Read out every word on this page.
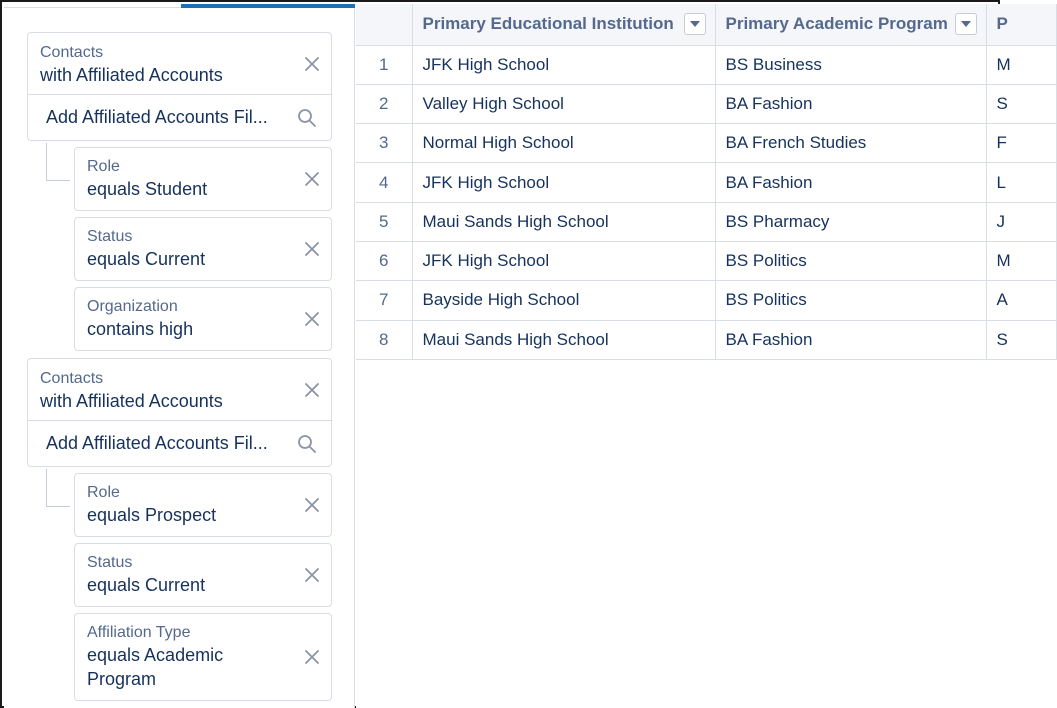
Contacts
with Affiliated Accounts
Add Affiliated Accounts Fil...
Role
equals Student
Status
equals Current
Organization
contains high
Contacts
with Affiliated Accounts
Add Affiliated Accounts Fil...
Role
equals Prospect
Status
equals Current
Affiliation Type
equals Academic
Program
	Primary Educational Institution	Primary Academic Program	P
1	JFK High School	BS Business	M
2	Valley High School	BA Fashion	S
3	Normal High School	BA French Studies	F
4	JFK High School	BA Fashion	L
5	Maui Sands High School	BS Pharmacy	J
6	JFK High School	BS Politics	M
7	Bayside High School	BS Politics	A
8	Maui Sands High School	BA Fashion	S
